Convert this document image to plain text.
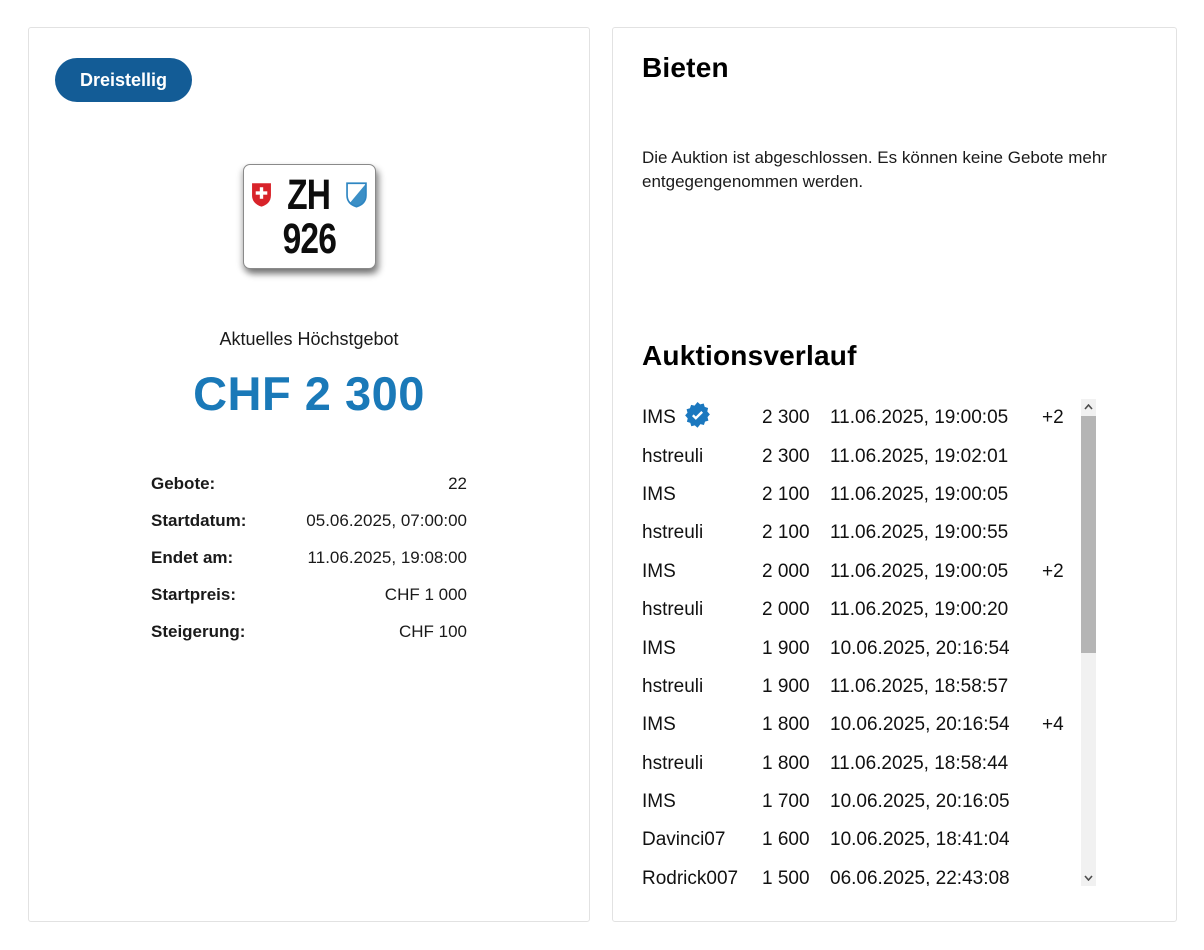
Dreistellig
ZH
926
Aktuelles Höchstgebot
CHF 2 300
Gebote:	22
Startdatum:	05.06.2025, 07:00:00
Endet am:	11.06.2025, 19:08:00
Startpreis:	CHF 1 000
Steigerung:	CHF 100
Bieten

Die Auktion ist abgeschlossen. Es können keine Gebote mehr entgegengenommen werden.

Auktionsverlauf
IMS	2 300	11.06.2025, 19:00:05	+2
hstreuli	2 300	11.06.2025, 19:02:01
IMS	2 100	11.06.2025, 19:00:05
hstreuli	2 100	11.06.2025, 19:00:55
IMS	2 000	11.06.2025, 19:00:05	+2
hstreuli	2 000	11.06.2025, 19:00:20
IMS	1 900	10.06.2025, 20:16:54
hstreuli	1 900	11.06.2025, 18:58:57
IMS	1 800	10.06.2025, 20:16:54	+4
hstreuli	1 800	11.06.2025, 18:58:44
IMS	1 700	10.06.2025, 20:16:05
Davinci07 1 600	10.06.2025, 18:41:04
Rodrick007 1 500	06.06.2025, 22:43:08
